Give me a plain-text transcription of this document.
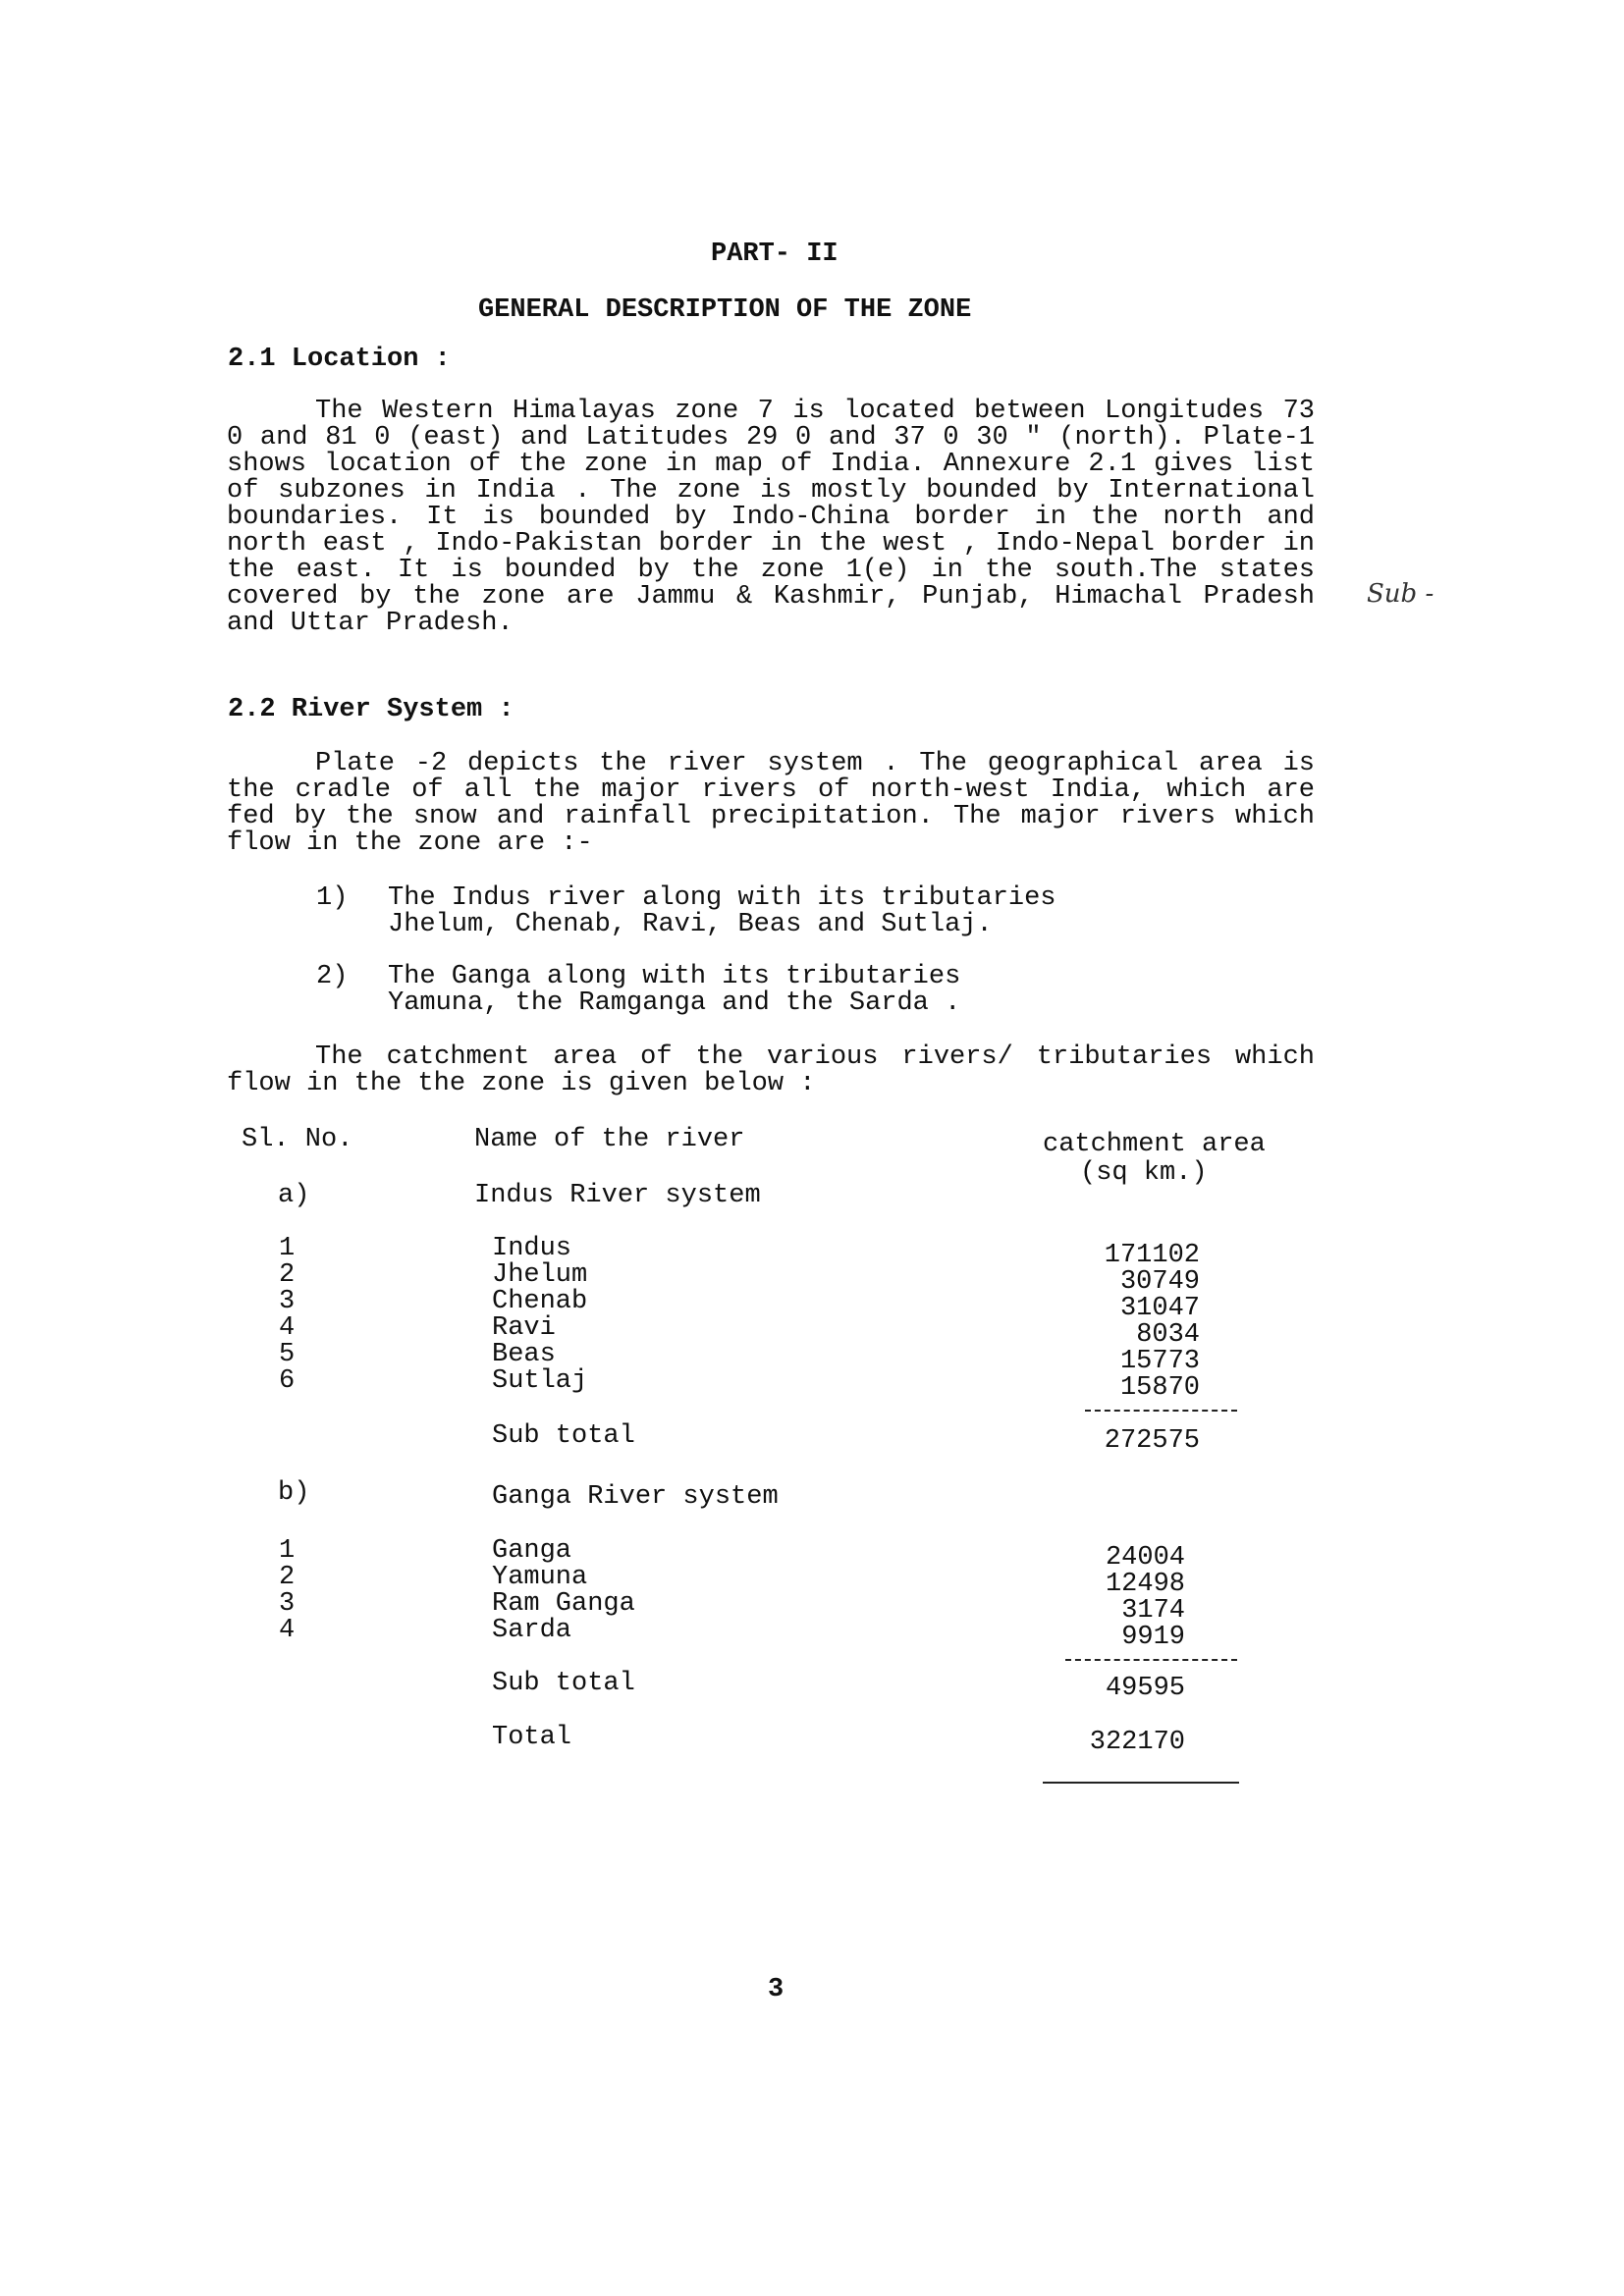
PART- II
GENERAL DESCRIPTION OF THE ZONE
2.1 Location :
The Western Himalayas zone 7 is located between Longitudes 73 0 and 81 0 (east) and Latitudes 29 0 and 37 0 30 " (north). Plate-1 shows location of the zone in map of India. Annexure 2.1 gives list of subzones in India . The zone is mostly bounded by International boundaries. It is bounded by Indo-China border in the north and north east , Indo-Pakistan border in the west , Indo-Nepal border in the east. It is bounded by the zone 1(e) in the south.The states covered by the zone are Jammu & Kashmir, Punjab, Himachal Pradesh and Uttar Pradesh.
Sub -
2.2 River System :
Plate -2 depicts the river system . The geographical area is the cradle of all the major rivers of north-west India, which are fed by the snow and rainfall precipitation. The major rivers which flow in the zone are :-
1) The Indus river along with its tributaries
Jhelum, Chenab, Ravi, Beas and Sutlaj.
2) The Ganga along with its tributaries
Yamuna, the Ramganga and the Sarda .
The catchment area of the various rivers/ tributaries which flow in the the zone is given below :
Sl. No.	Name of the river	catchment area
(sq km.)
a)	Indus River system
1	Indus	171102
2	Jhelum	30749
3	Chenab	31047
4	Ravi	8034
5	Beas	15773
6	Sutlaj	15870
Sub total	272575
b)	Ganga River system
1	Ganga	24004
2	Yamuna	12498
3	Ram Ganga	3174
4	Sarda	9919
Sub total	49595
Total	322170
3
